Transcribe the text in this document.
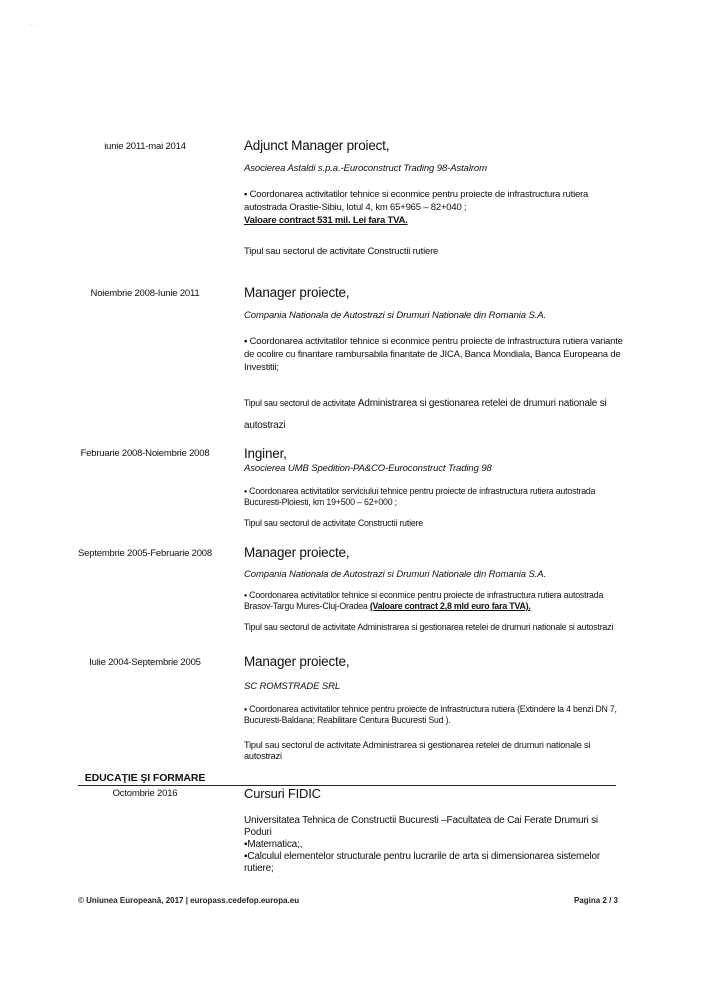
· ·
iunie 2011-mai 2014	Adjunct Manager proiect,
Asocierea Astaldi s.p.a.-Euroconstruct Trading 98-Astalrom
▪ Coordonarea activitatilor tehnice si econmice pentru proiecte de infrastructura rutiera autostrada Orastie-Sibiu, lotul 4, km 65+965 – 82+040 ;
Valoare contract 531 mil. Lei fara TVA.
Tipul sau sectorul de activitate Constructii rutiere
Noiembrie 2008-Iunie 2011	Manager proiecte,
Compania Nationala de Autostrazi si Drumuri Nationale din Romania S.A.
▪ Coordonarea activitatilor tehnice si econmice pentru proiecte de infrastructura rutiera variante de ocolire cu finantare rambursabila finantate de JICA, Banca Mondiala, Banca Europeana de Investitii;
Tipul sau sectorul de activitate Administrarea si gestionarea retelei de drumuri nationale si autostrazi
Februarie 2008-Noiembrie 2008	Inginer,
Asocierea UMB Spedition-PA&CO-Euroconstruct Trading 98
▪ Coordonarea activitatilor serviciului tehnice pentru proiecte de infrastructura rutiera autostrada Bucuresti-Ploiesti, km 19+500 – 62+000 ;
Tipul sau sectorul de activitate Constructii rutiere
Septembrie 2005-Februarie 2008	Manager proiecte,
Compania Nationala de Autostrazi si Drumuri Nationale din Romania S.A.
▪ Coordonarea activitatilor tehnice si econmice pentru proiecte de infrastructura rutiera autostrada Brasov-Targu Mures-Cluj-Oradea (Valoare contract 2,8 mld euro fara TVA).
Tipul sau sectorul de activitate Administrarea si gestionarea retelei de drumuri nationale si autostrazi
Iulie 2004-Septembrie 2005	Manager proiecte,
SC ROMSTRADE SRL
▪ Coordonarea activitatilor tehnice pentru proiecte de infrastructura rutiera (Extindere la 4 benzi DN 7, Bucuresti-Baldana; Reabilitare Centura Bucuresti Sud ).
Tipul sau sectorul de activitate Administrarea si gestionarea retelei de drumuri nationale si autostrazi
EDUCAŢIE ŞI FORMARE
Octombrie 2016	Cursuri FIDIC
Universitatea Tehnica de Constructii Bucuresti –Facultatea de Cai Ferate Drumuri si Poduri
▪Matematica;,
▪Calculul elementelor structurale pentru lucrarile de arta si dimensionarea sistemelor rutiere;
© Uniunea Europeană, 2017 | europass.cedefop.europa.eu	Pagina 2 / 3
